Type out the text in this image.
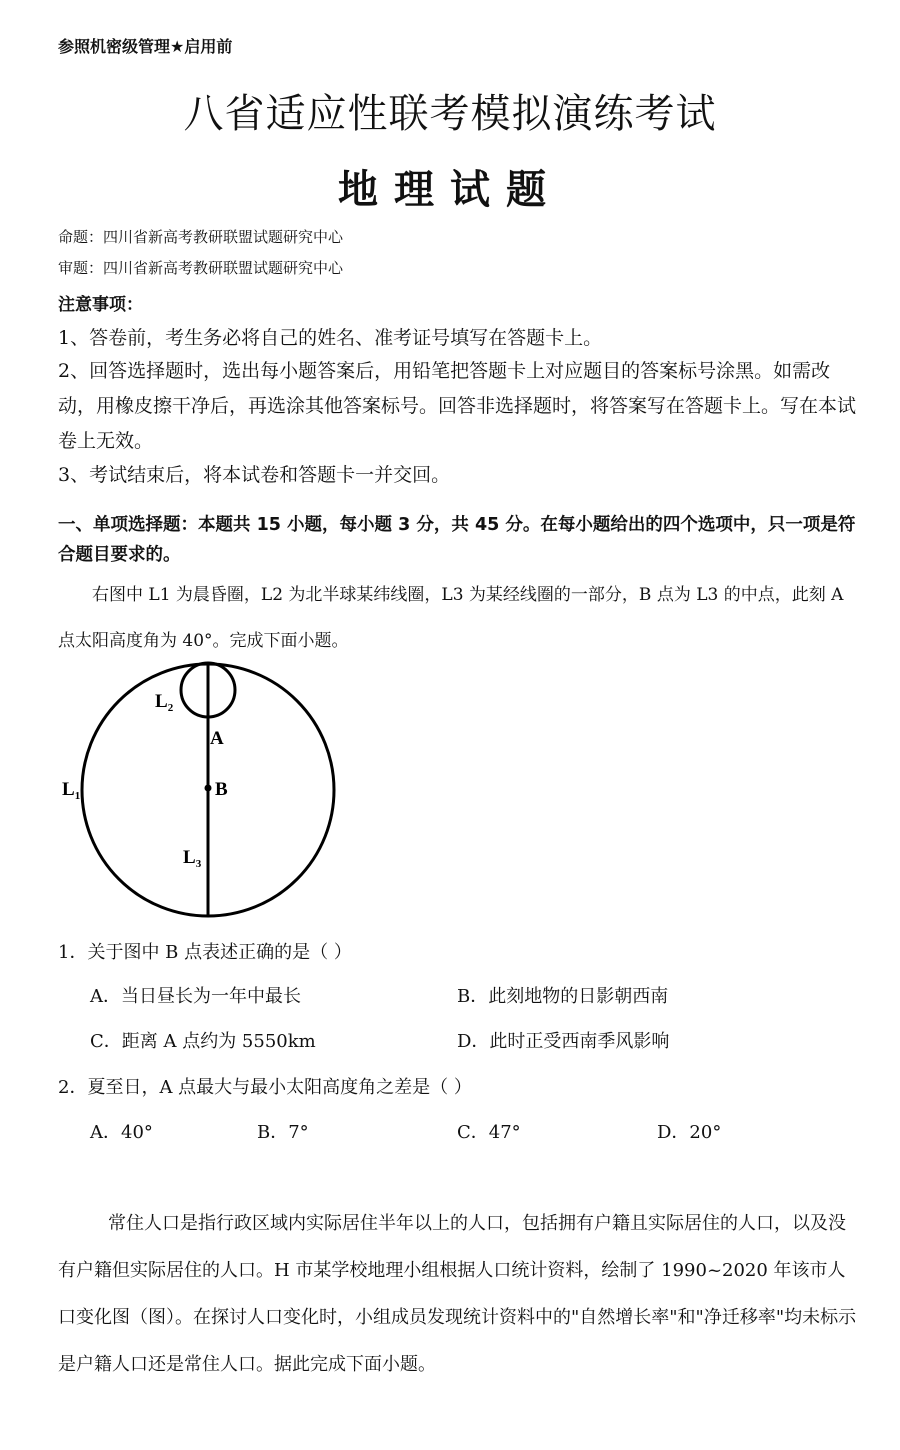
参照机密级管理★启用前
八省适应性联考模拟演练考试
地理试题
命题：四川省新高考教研联盟试题研究中心
审题：四川省新高考教研联盟试题研究中心
注意事项：
1、答卷前，考生务必将自己的姓名、准考证号填写在答题卡上。
2、回答选择题时，选出每小题答案后，用铅笔把答题卡上对应题目的答案标号涂黑。如需改动，用橡皮擦干净后，再选涂其他答案标号。回答非选择题时，将答案写在答题卡上。写在本试卷上无效。
3、考试结束后，将本试卷和答题卡一并交回。
一、单项选择题：本题共 15 小题，每小题 3 分，共 45 分。在每小题给出的四个选项中，只一项是符合题目要求的。
右图中 L1 为晨昏圈，L2 为北半球某纬线圈，L3 为某经线圈的一部分，B 点为 L3 的中点，此刻 A 点太阳高度角为 40°。完成下面小题。
$L_1$
$L_2$
$L_3$
A
B
1．关于图中 B 点表述正确的是（ ）
A．当日昼长为一年中最长	B．此刻地物的日影朝西南
C．距离 A 点约为 5550km	D．此时正受西南季风影响
2．夏至日，A 点最大与最小太阳高度角之差是（ ）
A．40°	B．7°	C．47°	D．20°
常住人口是指行政区域内实际居住半年以上的人口，包括拥有户籍且实际居住的人口，以及没有户籍但实际居住的人口。H 市某学校地理小组根据人口统计资料，绘制了 1990~2020 年该市人口变化图（图）。在探讨人口变化时，小组成员发现统计资料中的"自然增长率"和"净迁移率"均未标示是户籍人口还是常住人口。据此完成下面小题。
